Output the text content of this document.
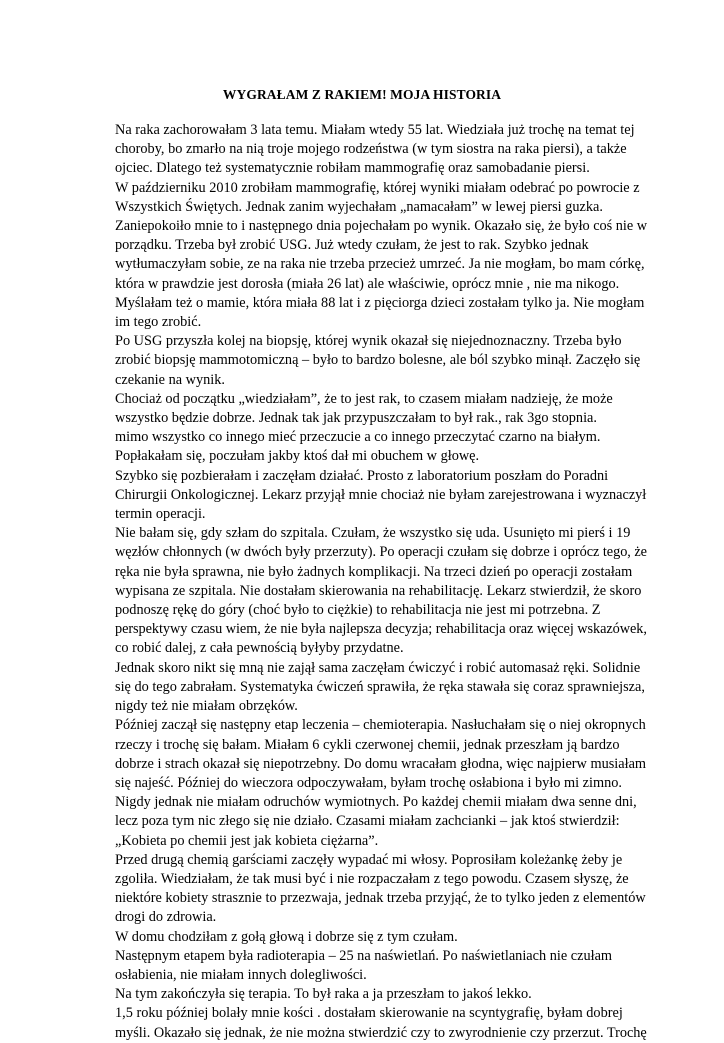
WYGRAŁAM Z RAKIEM! MOJA HISTORIA
Na raka zachorowałam 3 lata temu. Miałam wtedy 55 lat. Wiedziała już trochę na temat tej
choroby, bo zmarło na nią troje mojego rodzeństwa (w tym siostra na raka piersi), a także
ojciec. Dlatego też systematycznie robiłam mammografię oraz samobadanie piersi.
W październiku 2010 zrobiłam mammografię, której wyniki miałam odebrać po powrocie z
Wszystkich Świętych. Jednak zanim wyjechałam „namacałam” w lewej piersi guzka.
Zaniepokoiło mnie to i następnego dnia pojechałam po wynik. Okazało się, że było coś nie w
porządku. Trzeba był zrobić USG. Już wtedy czułam, że jest to rak. Szybko jednak
wytłumaczyłam sobie, ze na raka nie trzeba przecież umrzeć. Ja nie mogłam, bo mam córkę,
która w prawdzie jest dorosła (miała 26 lat) ale właściwie, oprócz mnie , nie ma nikogo.
Myślałam też o mamie, która miała 88 lat i z pięciorga dzieci zostałam tylko ja. Nie mogłam
im tego zrobić.
Po USG przyszła kolej na biopsję, której wynik okazał się niejednoznaczny. Trzeba było
zrobić biopsję mammotomiczną – było to bardzo bolesne, ale ból szybko minął. Zaczęło się
czekanie na wynik.
Chociaż od początku „wiedziałam”, że to jest rak, to czasem miałam nadzieję, że może
wszystko będzie dobrze. Jednak tak jak przypuszczałam to był rak., rak 3go stopnia.
mimo wszystko co innego mieć przeczucie a co innego przeczytać czarno na białym.
Popłakałam się, poczułam jakby ktoś dał mi obuchem w głowę.
Szybko się pozbierałam i zaczęłam działać. Prosto z laboratorium poszłam do Poradni
Chirurgii Onkologicznej. Lekarz przyjął mnie chociaż nie byłam zarejestrowana i wyznaczył
termin operacji.
Nie bałam się, gdy szłam do szpitala. Czułam, że wszystko się uda. Usunięto mi pierś i 19
węzłów chłonnych (w dwóch były przerzuty). Po operacji czułam się dobrze i oprócz tego, że
ręka nie była sprawna, nie było żadnych komplikacji. Na trzeci dzień po operacji zostałam
wypisana ze szpitala. Nie dostałam skierowania na rehabilitację. Lekarz stwierdził, że skoro
podnoszę rękę do góry (choć było to ciężkie) to rehabilitacja nie jest mi potrzebna. Z
perspektywy czasu wiem, że nie była najlepsza decyzja; rehabilitacja oraz więcej wskazówek,
co robić dalej, z cała pewnością byłyby przydatne.
Jednak skoro nikt się mną nie zajął sama zaczęłam ćwiczyć i robić automasaż ręki. Solidnie
się do tego zabrałam. Systematyka ćwiczeń sprawiła, że ręka stawała się coraz sprawniejsza,
nigdy też nie miałam obrzęków.
Później zaczął się następny etap leczenia – chemioterapia. Nasłuchałam się o niej okropnych
rzeczy i trochę się bałam. Miałam 6 cykli czerwonej chemii, jednak przeszłam ją bardzo
dobrze i strach okazał się niepotrzebny. Do domu wracałam głodna, więc najpierw musiałam
się najeść. Później do wieczora odpoczywałam, byłam trochę osłabiona i było mi zimno.
Nigdy jednak nie miałam odruchów wymiotnych. Po każdej chemii miałam dwa senne dni,
lecz poza tym nic złego się nie działo. Czasami miałam zachcianki – jak ktoś stwierdził:
„Kobieta po chemii jest jak kobieta ciężarna”.
Przed drugą chemią garściami zaczęły wypadać mi włosy. Poprosiłam koleżankę żeby je
zgoliła. Wiedziałam, że tak musi być i nie rozpaczałam z tego powodu. Czasem słyszę, że
niektóre kobiety strasznie to przezwaja, jednak trzeba przyjąć, że to tylko jeden z elementów
drogi do zdrowia.
W domu chodziłam z gołą głową i dobrze się z tym czułam.
Następnym etapem była radioterapia – 25 na naświetlań. Po naświetlaniach nie czułam
osłabienia, nie miałam innych dolegliwości.
Na tym zakończyła się terapia. To był raka a ja przeszłam to jakoś lekko.
1,5 roku później bolały mnie kości . dostałam skierowanie na scyntygrafię, byłam dobrej
myśli. Okazało się jednak, że nie można stwierdzić czy to zwyrodnienie czy przerzut. Trochę
